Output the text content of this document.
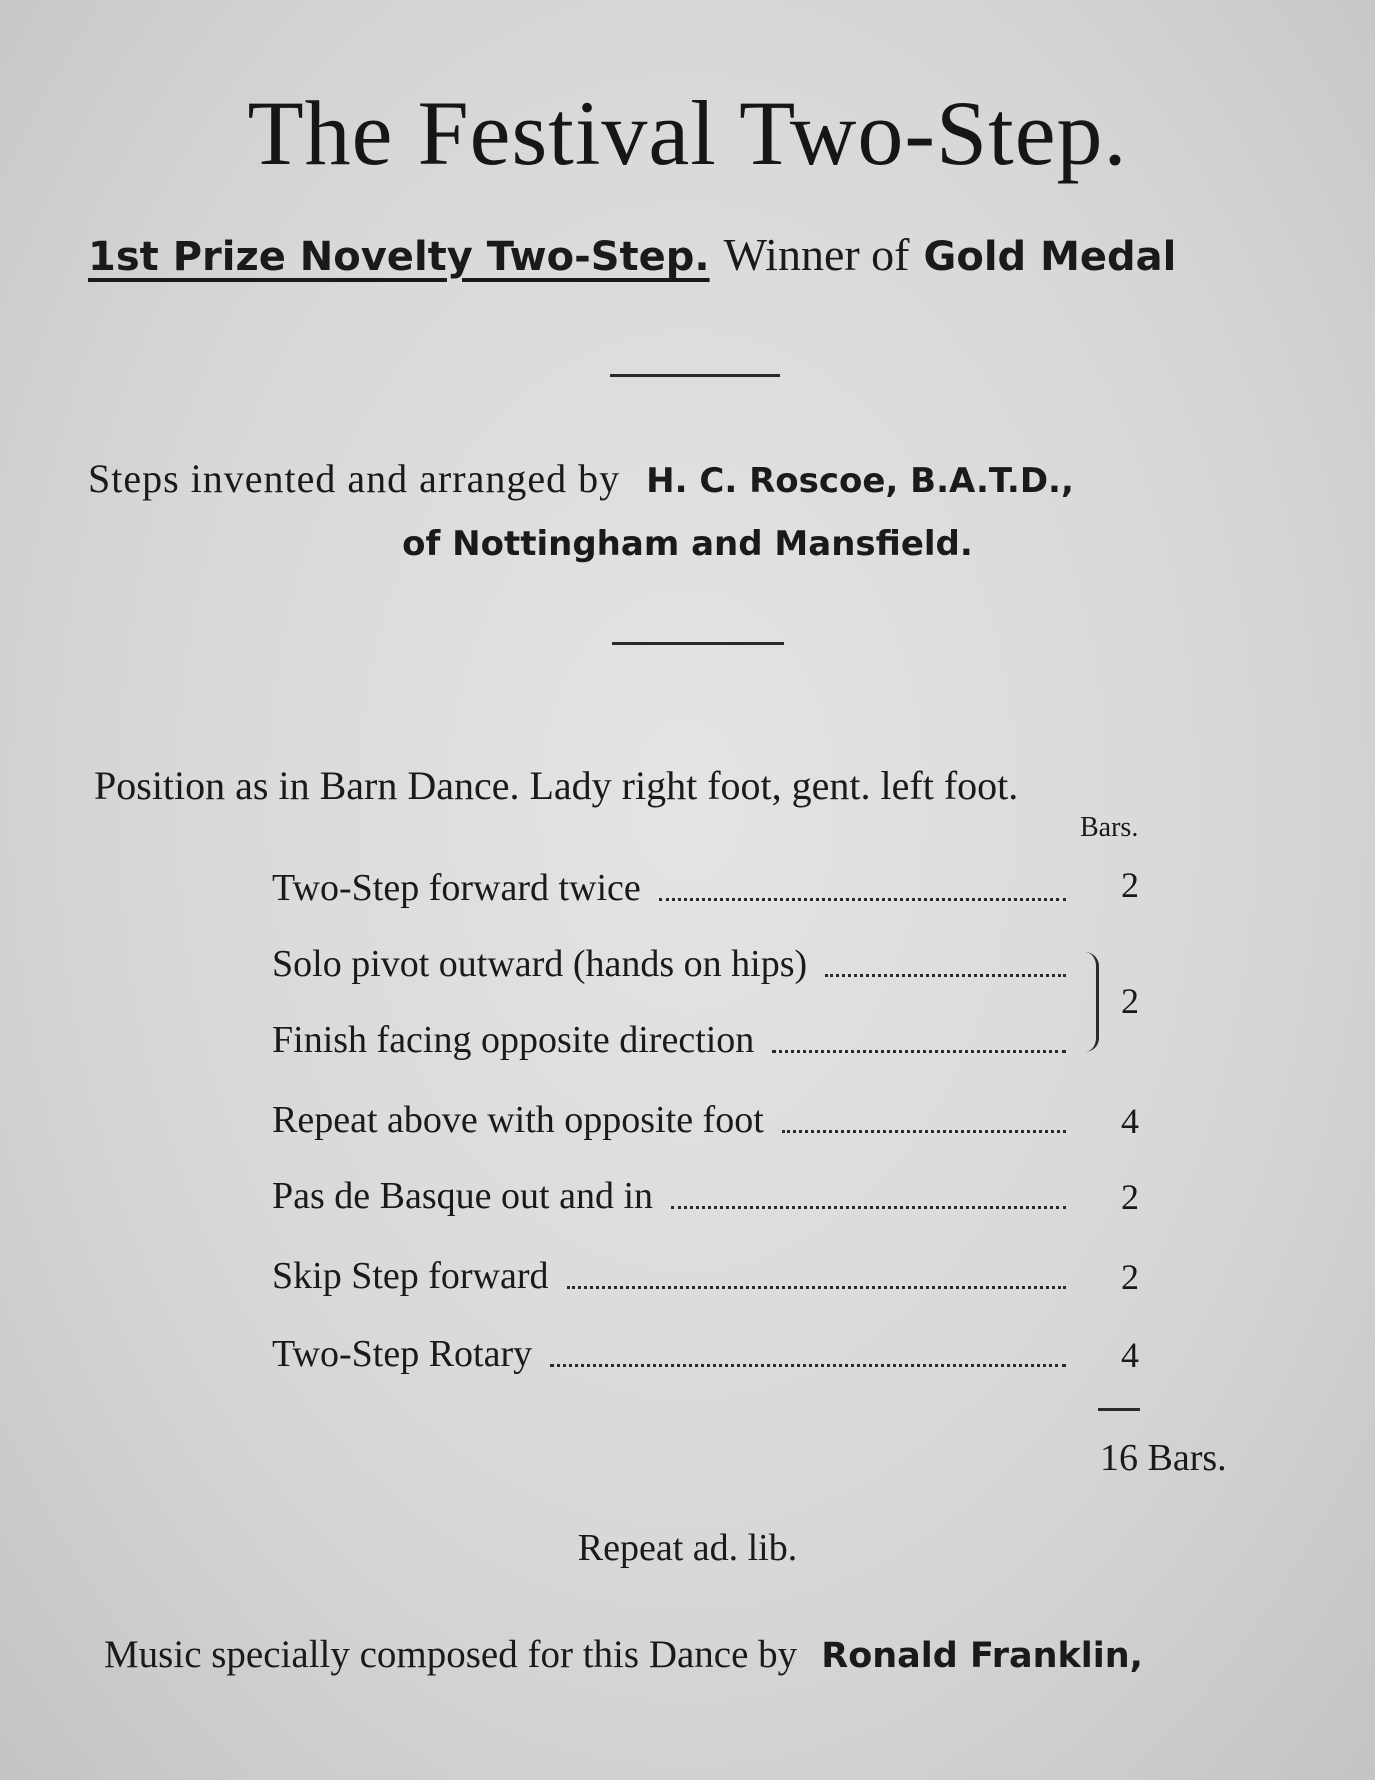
The Festival Two-Step.
1st Prize Novelty Two-Step. Winner of Gold Medal
Steps invented and arranged by H. C. Roscoe, B.A.T.D.,
of Nottingham and Mansfield.
Position as in Barn Dance. Lady right foot, gent. left foot.
Bars.
Two-Step forward twice
Solo pivot outward (hands on hips)
Finish facing opposite direction
Repeat above with opposite foot
Pas de Basque out and in
Skip Step forward
Two-Step Rotary
2
2
4
2
2
4
16 Bars.
Repeat ad. lib.
Music specially composed for this Dance by Ronald Franklin,
